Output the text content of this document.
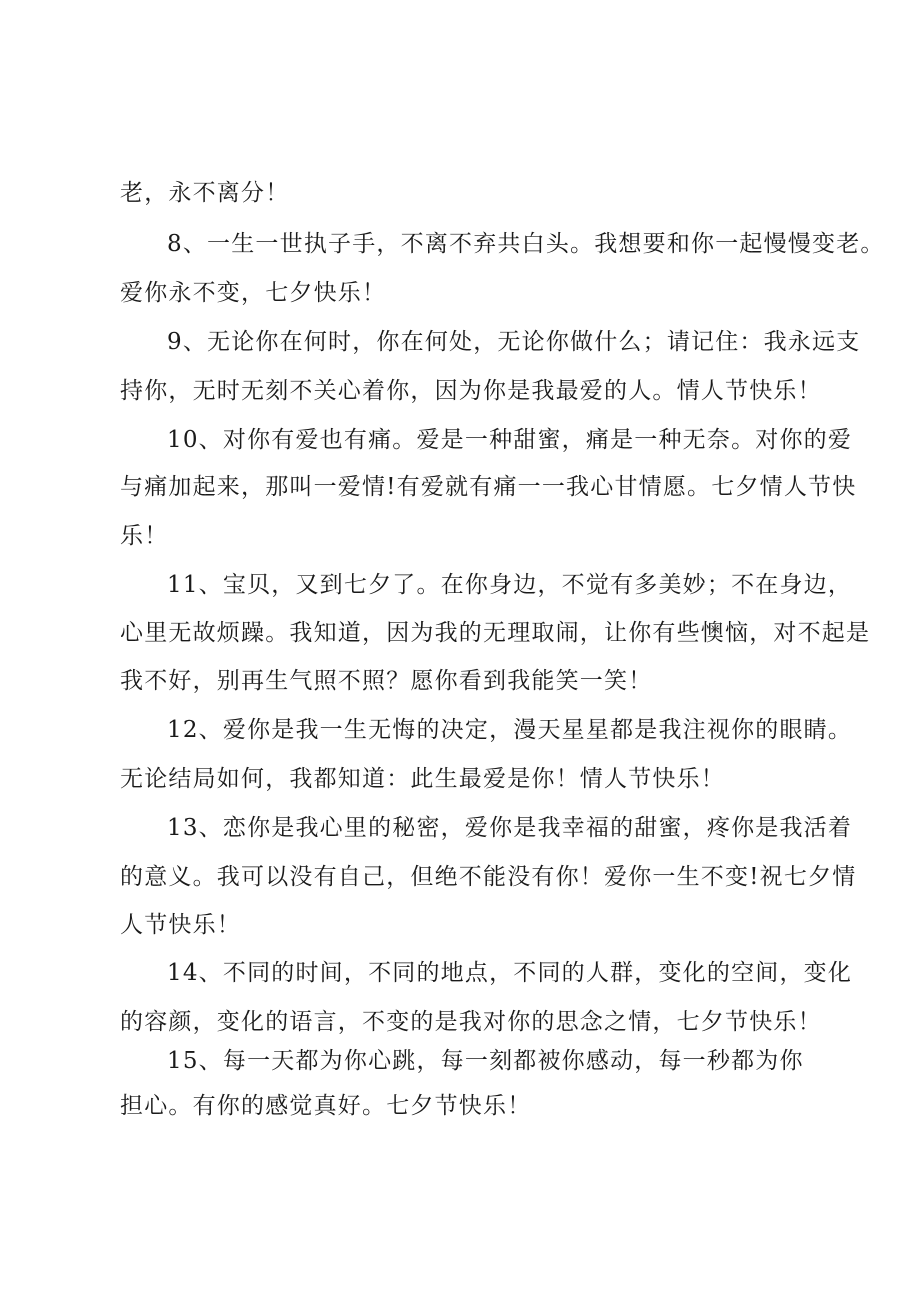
老，永不离分！
8、一生一世执子手，不离不弃共白头。我想要和你一起慢慢变老。
爱你永不变，七夕快乐！
9、无论你在何时，你在何处，无论你做什么；请记住：我永远支
持你，无时无刻不关心着你，因为你是我最爱的人。情人节快乐！
10、对你有爱也有痛。爱是一种甜蜜，痛是一种无奈。对你的爱
与痛加起来，那叫一爱情!有爱就有痛一一我心甘情愿。七夕情人节快
乐！
11、宝贝，又到七夕了。在你身边，不觉有多美妙；不在身边，
心里无故烦躁。我知道，因为我的无理取闹，让你有些懊恼，对不起是
我不好，别再生气照不照？愿你看到我能笑一笑！
12、爱你是我一生无悔的决定，漫天星星都是我注视你的眼睛。
无论结局如何，我都知道：此生最爱是你！情人节快乐！
13、恋你是我心里的秘密，爱你是我幸福的甜蜜，疼你是我活着
的意义。我可以没有自己，但绝不能没有你！爱你一生不变!祝七夕情
人节快乐！
14、不同的时间，不同的地点，不同的人群，变化的空间，变化
的容颜，变化的语言，不变的是我对你的思念之情，七夕节快乐！
15、每一天都为你心跳，每一刻都被你感动，每一秒都为你
担心。有你的感觉真好。七夕节快乐！
